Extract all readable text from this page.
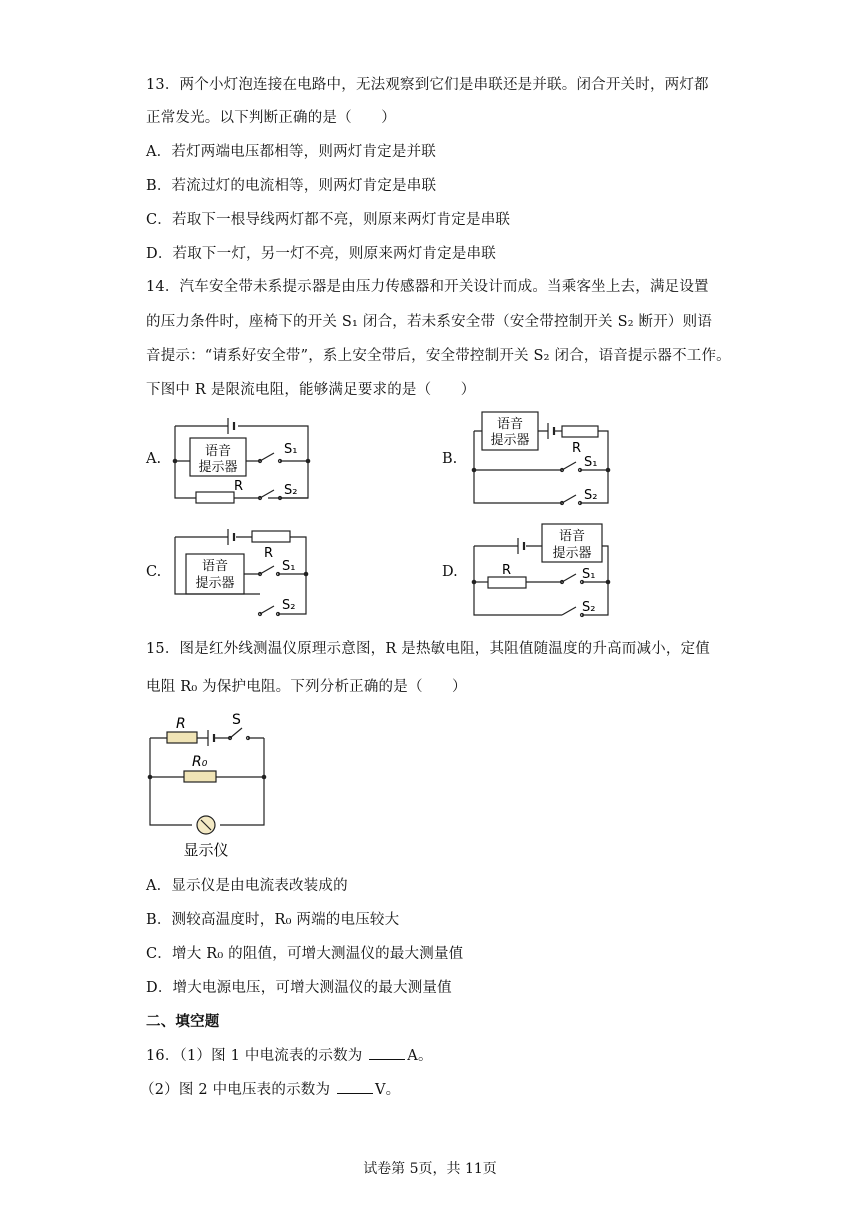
13．两个小灯泡连接在电路中，无法观察到它们是串联还是并联。闭合开关时，两灯都
正常发光。以下判断正确的是（　　）
A．若灯两端电压都相等，则两灯肯定是并联
B．若流过灯的电流相等，则两灯肯定是串联
C．若取下一根导线两灯都不亮，则原来两灯肯定是串联
D．若取下一灯，另一灯不亮，则原来两灯肯定是串联
14．汽车安全带未系提示器是由压力传感器和开关设计而成。当乘客坐上去，满足设置
的压力条件时，座椅下的开关 S₁ 闭合，若未系安全带（安全带控制开关 S₂ 断开）则语
音提示：“请系好安全带”，系上安全带后，安全带控制开关 S₂ 闭合，语音提示器不工作。
下图中 R 是限流电阻，能够满足要求的是（　　）
A.	B.
C.	D.
语音
提示器
S₁
R	S₂
语音
提示器
R
S₁
S₂
语音
提示器
R
S₁
S₂
语音
提示器
R	S₁
S₂
15．图是红外线测温仪原理示意图，R 是热敏电阻，其阻值随温度的升高而减小，定值
电阻 R₀ 为保护电阻。下列分析正确的是（　　）
R	S
R₀
显示仪
A．显示仪是由电流表改装成的
B．测较高温度时，R₀ 两端的电压较大
C．增大 R₀ 的阻值，可增大测温仪的最大测量值
D．增大电源电压，可增大测温仪的最大测量值
二、填空题
16．（1）图 1 中电流表的示数为	A。
（2）图 2 中电压表的示数为	V。
试卷第 5页，共 11页
